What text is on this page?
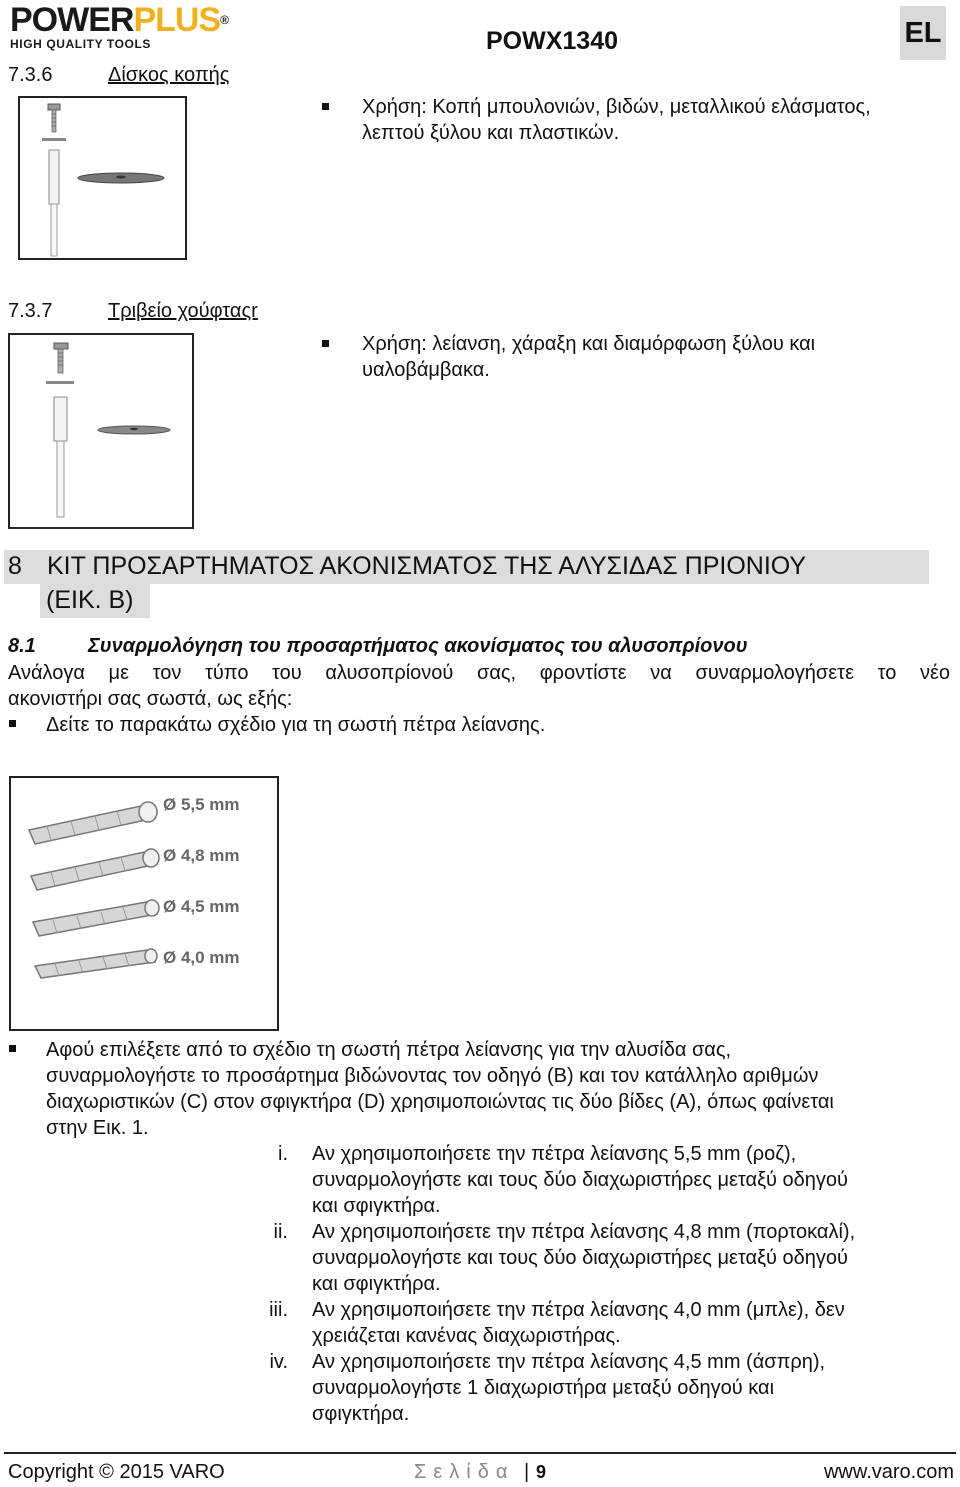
POWERPLUS®
HIGH QUALITY TOOLS	POWX1340	EL
7.3.6	Δίσκος κοπής
Χρήση: Κοπή μπουλονιών, βιδών, μεταλλικού ελάσματος,
λεπτού ξύλου και πλαστικών.
7.3.7	Τριβείο χούφταςr
Χρήση: λείανση, χάραξη και διαμόρφωση ξύλου και
υαλοβάμβακα.
8 ΚΙΤ ΠΡΟΣΑΡΤΗΜΑΤΟΣ ΑΚΟΝΙΣΜΑΤΟΣ ΤΗΣ ΑΛΥΣΙΔΑΣ ΠΡΙΟΝΙΟΥ
(ΕΙΚ. B)
8.1	Συναρμολόγηση του προσαρτήματος ακονίσματος του αλυσοπρίονου
Ανάλογα με τον τύπο του αλυσοπρίονού σας, φροντίστε να συναρμολογήσετε το νέο
ακονιστήρι σας σωστά, ως εξής:
Δείτε το παρακάτω σχέδιο για τη σωστή πέτρα λείανσης.
Ø 5,5 mm
Ø 4,8 mm
Ø 4,5 mm
Ø 4,0 mm
Αφού επιλέξετε από το σχέδιο τη σωστή πέτρα λείανσης για την αλυσίδα σας,
συναρμολογήστε το προσάρτημα βιδώνοντας τον οδηγό (B) και τον κατάλληλο αριθμών
διαχωριστικών (C) στον σφιγκτήρα (D) χρησιμοποιώντας τις δύο βίδες (A), όπως φαίνεται
στην Εικ. 1.
i. Αν χρησιμοποιήσετε την πέτρα λείανσης 5,5 mm (ροζ),
συναρμολογήστε και τους δύο διαχωριστήρες μεταξύ οδηγού
και σφιγκτήρα.
ii. Αν χρησιμοποιήσετε την πέτρα λείανσης 4,8 mm (πορτοκαλί),
συναρμολογήστε και τους δύο διαχωριστήρες μεταξύ οδηγού
και σφιγκτήρα.
iii. Αν χρησιμοποιήσετε την πέτρα λείανσης 4,0 mm (μπλε), δεν
χρειάζεται κανένας διαχωριστήρας.
iv. Αν χρησιμοποιήσετε την πέτρα λείανσης 4,5 mm (άσπρη),
συναρμολογήστε 1 διαχωριστήρα μεταξύ οδηγού και
σφιγκτήρα.
Copyright © 2015 VARO	Σελίδα | 9	www.varo.com
